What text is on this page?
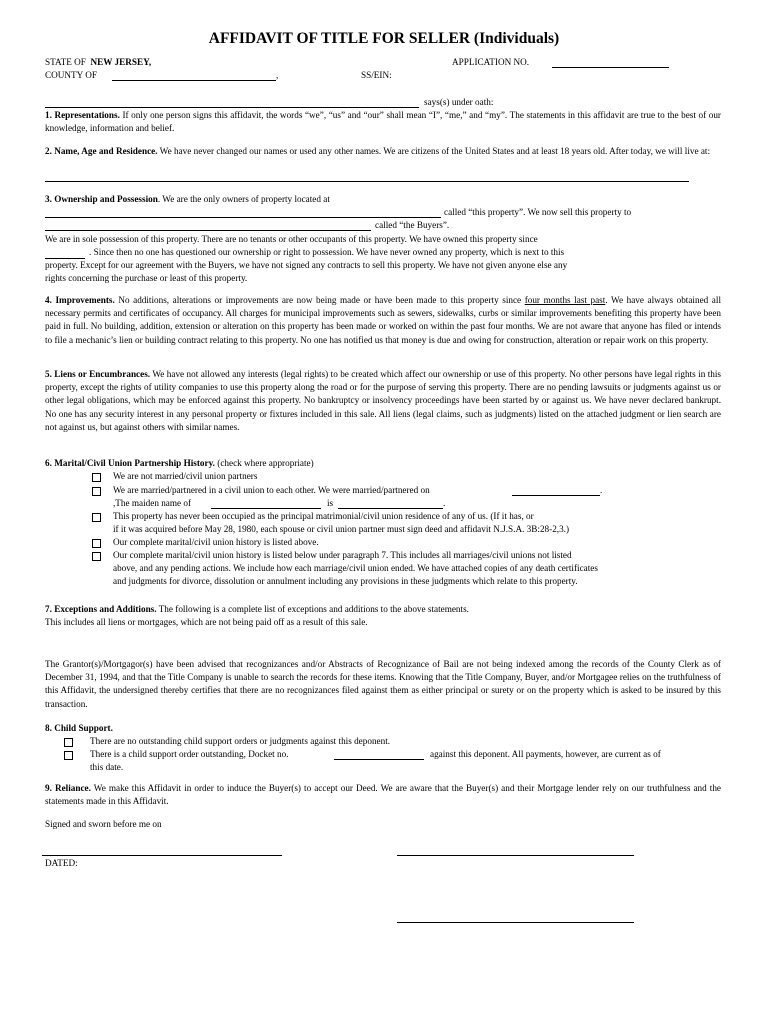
AFFIDAVIT OF TITLE FOR SELLER (Individuals)
STATE OF NEW JERSEY,	APPLICATION NO.
COUNTY OF	,	SS/EIN:
says(s) under oath:
1. Representations. If only one person signs this affidavit, the words “we”, “us” and “our” shall mean “I”, “me,” and “my”. The statements in this affidavit are true to the best of our knowledge, information and belief.
2. Name, Age and Residence. We have never changed our names or used any other names. We are citizens of the United States and at least 18 years old. After today, we will live at:
3. Ownership and Possession. We are the only owners of property located at
called “this property”. We now sell this property to
called “the Buyers”.
We are in sole possession of this property. There are no tenants or other occupants of this property. We have owned this property since
. Since then no one has questioned our ownership or right to possession. We have never owned any property, which is next to this
property. Except for our agreement with the Buyers, we have not signed any contracts to sell this property. We have not given anyone else any
rights concerning the purchase or least of this property.
4. Improvements. No additions, alterations or improvements are now being made or have been made to this property since four months last past. We have always obtained all necessary permits and certificates of occupancy. All charges for municipal improvements such as sewers, sidewalks, curbs or similar improvements benefiting this property have been paid in full. No building, addition, extension or alteration on this property has been made or worked on within the past four months. We are not aware that anyone has filed or intends to file a mechanic’s lien or building contract relating to this property. No one has notified us that money is due and owing for construction, alteration or repair work on this property.
5. Liens or Encumbrances. We have not allowed any interests (legal rights) to be created which affect our ownership or use of this property. No other persons have legal rights in this property, except the rights of utility companies to use this property along the road or for the purpose of serving this property. There are no pending lawsuits or judgments against us or other legal obligations, which may be enforced against this property. No bankruptcy or insolvency proceedings have been started by or against us. We have never declared bankrupt. No one has any security interest in any personal property or fixtures included in this sale. All liens (legal claims, such as judgments) listed on the attached judgment or lien search are not against us, but against others with similar names.
6. Marital/Civil Union Partnership History. (check where appropriate)
We are not married/civil union partners
We are married/partnered in a civil union to each other. We were married/partnered on	.
,The maiden name of	is	.
This property has never been occupied as the principal matrimonial/civil union residence of any of us. (If it has, or
if it was acquired before May 28, 1980, each spouse or civil union partner must sign deed and affidavit N.J.S.A. 3B:28-2,3.)
Our complete marital/civil union history is listed above.
Our complete marital/civil union history is listed below under paragraph 7. This includes all marriages/civil unions not listed
above, and any pending actions. We include how each marriage/civil union ended. We have attached copies of any death certificates
and judgments for divorce, dissolution or annulment including any provisions in these judgments which relate to this property.
7. Exceptions and Additions. The following is a complete list of exceptions and additions to the above statements.
This includes all liens or mortgages, which are not being paid off as a result of this sale.
The Grantor(s)/Mortgagor(s) have been advised that recognizances and/or Abstracts of Recognizance of Bail are not being indexed among the records of the County Clerk as of December 31, 1994, and that the Title Company is unable to search the records for these items. Knowing that the Title Company, Buyer, and/or Mortgagee relies on the truthfulness of this Affidavit, the undersigned thereby certifies that there are no recognizances filed against them as either principal or surety or on the property which is asked to be insured by this transaction.
8. Child Support.
There are no outstanding child support orders or judgments against this deponent.
There is a child support order outstanding, Docket no.	against this deponent. All payments, however, are current as of
this date.
9. Reliance. We make this Affidavit in order to induce the Buyer(s) to accept our Deed. We are aware that the Buyer(s) and their Mortgage lender rely on our truthfulness and the statements made in this Affidavit.
Signed and sworn before me on
DATED:
